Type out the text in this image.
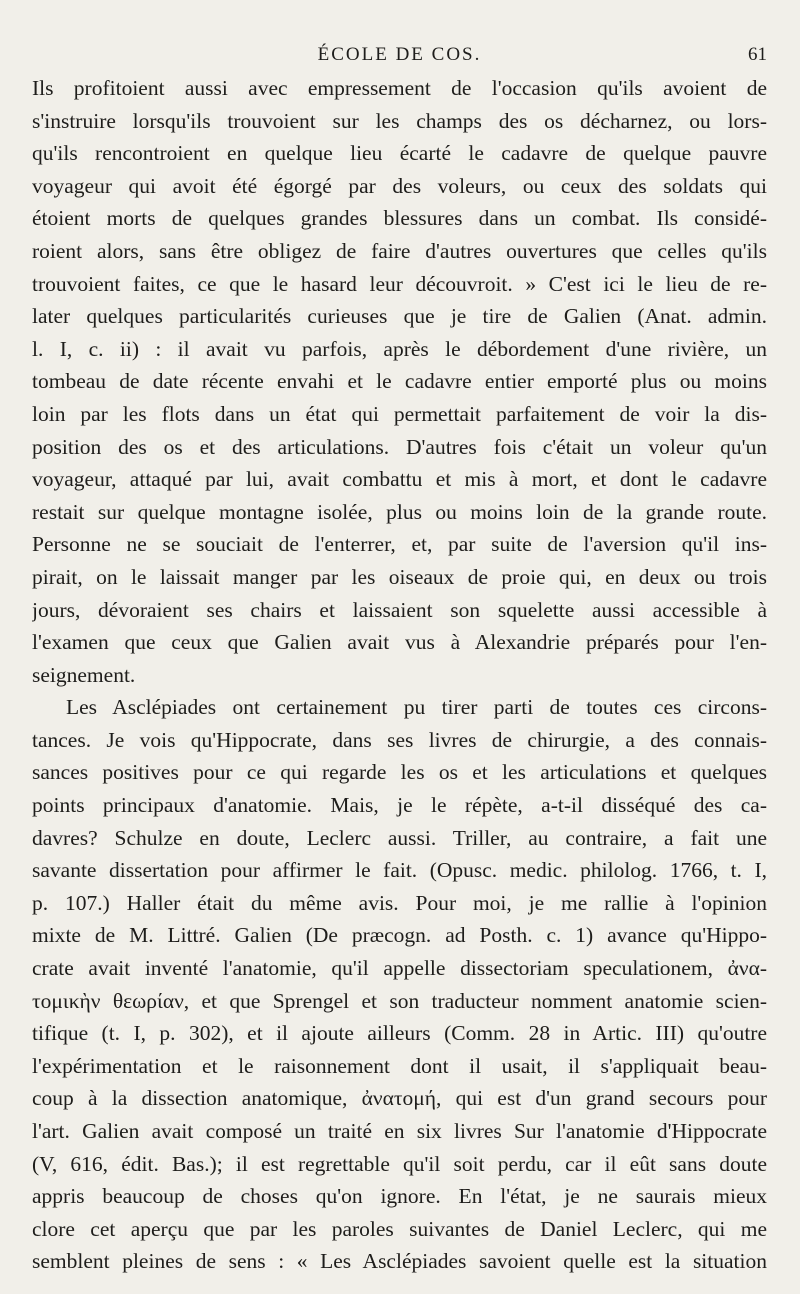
ÉCOLE DE COS.	61
Ils profitoient aussi avec empressement de l'occasion qu'ils avoient de
s'instruire lorsqu'ils trouvoient sur les champs des os décharnez, ou lors-
qu'ils rencontroient en quelque lieu écarté le cadavre de quelque pauvre
voyageur qui avoit été égorgé par des voleurs, ou ceux des soldats qui
étoient morts de quelques grandes blessures dans un combat. Ils considé-
roient alors, sans être obligez de faire d'autres ouvertures que celles qu'ils
trouvoient faites, ce que le hasard leur découvroit. » C'est ici le lieu de re-
later quelques particularités curieuses que je tire de Galien (Anat. admin.
l. I, c. ii) : il avait vu parfois, après le débordement d'une rivière, un
tombeau de date récente envahi et le cadavre entier emporté plus ou moins
loin par les flots dans un état qui permettait parfaitement de voir la dis-
position des os et des articulations. D'autres fois c'était un voleur qu'un
voyageur, attaqué par lui, avait combattu et mis à mort, et dont le cadavre
restait sur quelque montagne isolée, plus ou moins loin de la grande route.
Personne ne se souciait de l'enterrer, et, par suite de l'aversion qu'il ins-
pirait, on le laissait manger par les oiseaux de proie qui, en deux ou trois
jours, dévoraient ses chairs et laissaient son squelette aussi accessible à
l'examen que ceux que Galien avait vus à Alexandrie préparés pour l'en-
seignement.
Les Asclépiades ont certainement pu tirer parti de toutes ces circons-
tances. Je vois qu'Hippocrate, dans ses livres de chirurgie, a des connais-
sances positives pour ce qui regarde les os et les articulations et quelques
points principaux d'anatomie. Mais, je le répète, a-t-il disséqué des ca-
davres? Schulze en doute, Leclerc aussi. Triller, au contraire, a fait une
savante dissertation pour affirmer le fait. (Opusc. medic. philolog. 1766, t. I,
p. 107.) Haller était du même avis. Pour moi, je me rallie à l'opinion
mixte de M. Littré. Galien (De præcogn. ad Posth. c. 1) avance qu'Hippo-
crate avait inventé l'anatomie, qu'il appelle dissectoriam speculationem, ἀνα-
τομικὴν θεωρίαν, et que Sprengel et son traducteur nomment anatomie scien-
tifique (t. I, p. 302), et il ajoute ailleurs (Comm. 28 in Artic. III) qu'outre
l'expérimentation et le raisonnement dont il usait, il s'appliquait beau-
coup à la dissection anatomique, ἀνατομή, qui est d'un grand secours pour
l'art. Galien avait composé un traité en six livres Sur l'anatomie d'Hippocrate
(V, 616, édit. Bas.); il est regrettable qu'il soit perdu, car il eût sans doute
appris beaucoup de choses qu'on ignore. En l'état, je ne saurais mieux
clore cet aperçu que par les paroles suivantes de Daniel Leclerc, qui me
semblent pleines de sens : « Les Asclépiades savoient quelle est la situation
